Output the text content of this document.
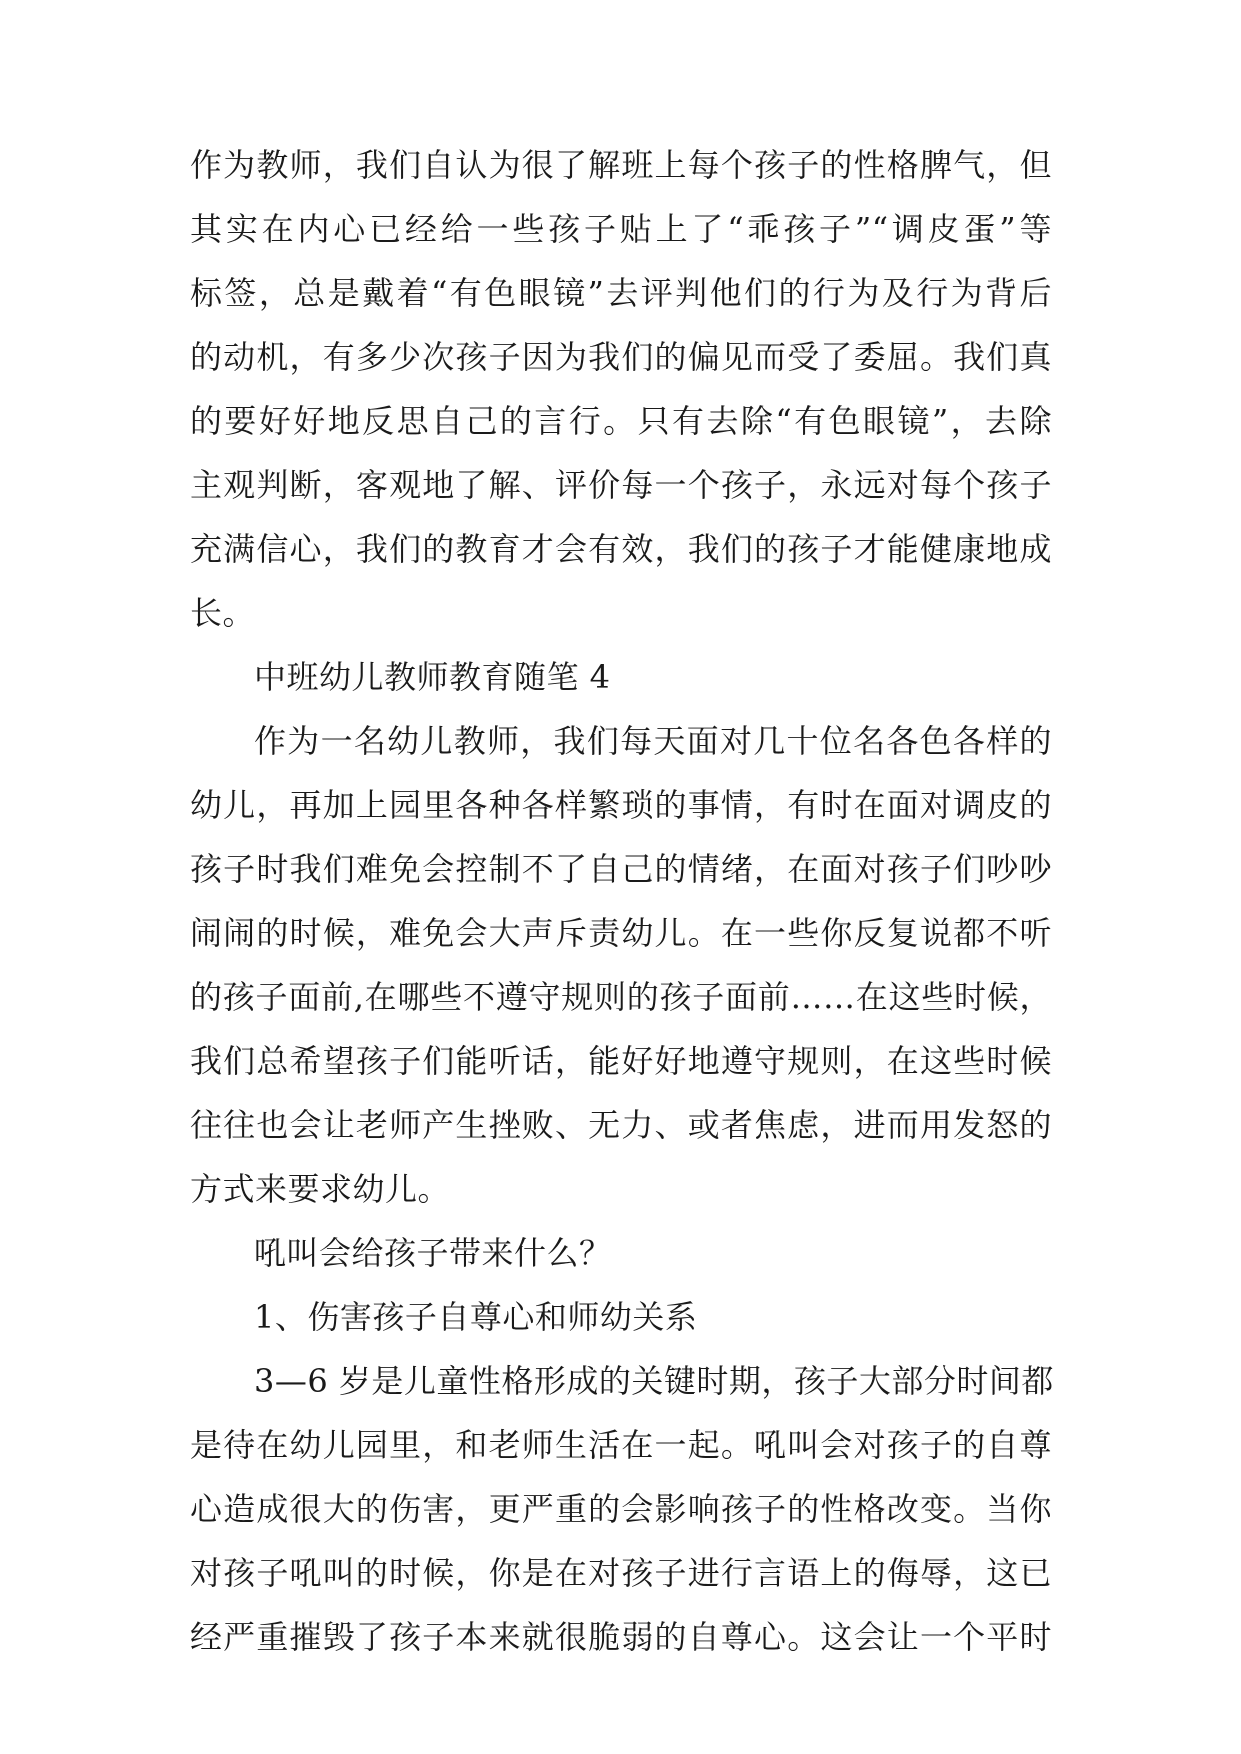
作为教师，我们自认为很了解班上每个孩子的性格脾气，但
其实在内心已经给一些孩子贴上了“乖孩子”“调皮蛋”等
标签，总是戴着“有色眼镜”去评判他们的行为及行为背后
的动机，有多少次孩子因为我们的偏见而受了委屈。我们真
的要好好地反思自己的言行。只有去除“有色眼镜”，去除
主观判断，客观地了解、评价每一个孩子，永远对每个孩子
充满信心，我们的教育才会有效，我们的孩子才能健康地成
长。
中班幼儿教师教育随笔 4
作为一名幼儿教师，我们每天面对几十位名各色各样的
幼儿，再加上园里各种各样繁琐的事情，有时在面对调皮的
孩子时我们难免会控制不了自己的情绪，在面对孩子们吵吵
闹闹的时候，难免会大声斥责幼儿。在一些你反复说都不听
的孩子面前,在哪些不遵守规则的孩子面前……在这些时候，
我们总希望孩子们能听话，能好好地遵守规则，在这些时候
往往也会让老师产生挫败、无力、或者焦虑，进而用发怒的
方式来要求幼儿。
吼叫会给孩子带来什么？
1、伤害孩子自尊心和师幼关系
3—6 岁是儿童性格形成的关键时期，孩子大部分时间都
是待在幼儿园里，和老师生活在一起。吼叫会对孩子的自尊
心造成很大的伤害，更严重的会影响孩子的性格改变。当你
对孩子吼叫的时候，你是在对孩子进行言语上的侮辱，这已
经严重摧毁了孩子本来就很脆弱的自尊心。这会让一个平时
